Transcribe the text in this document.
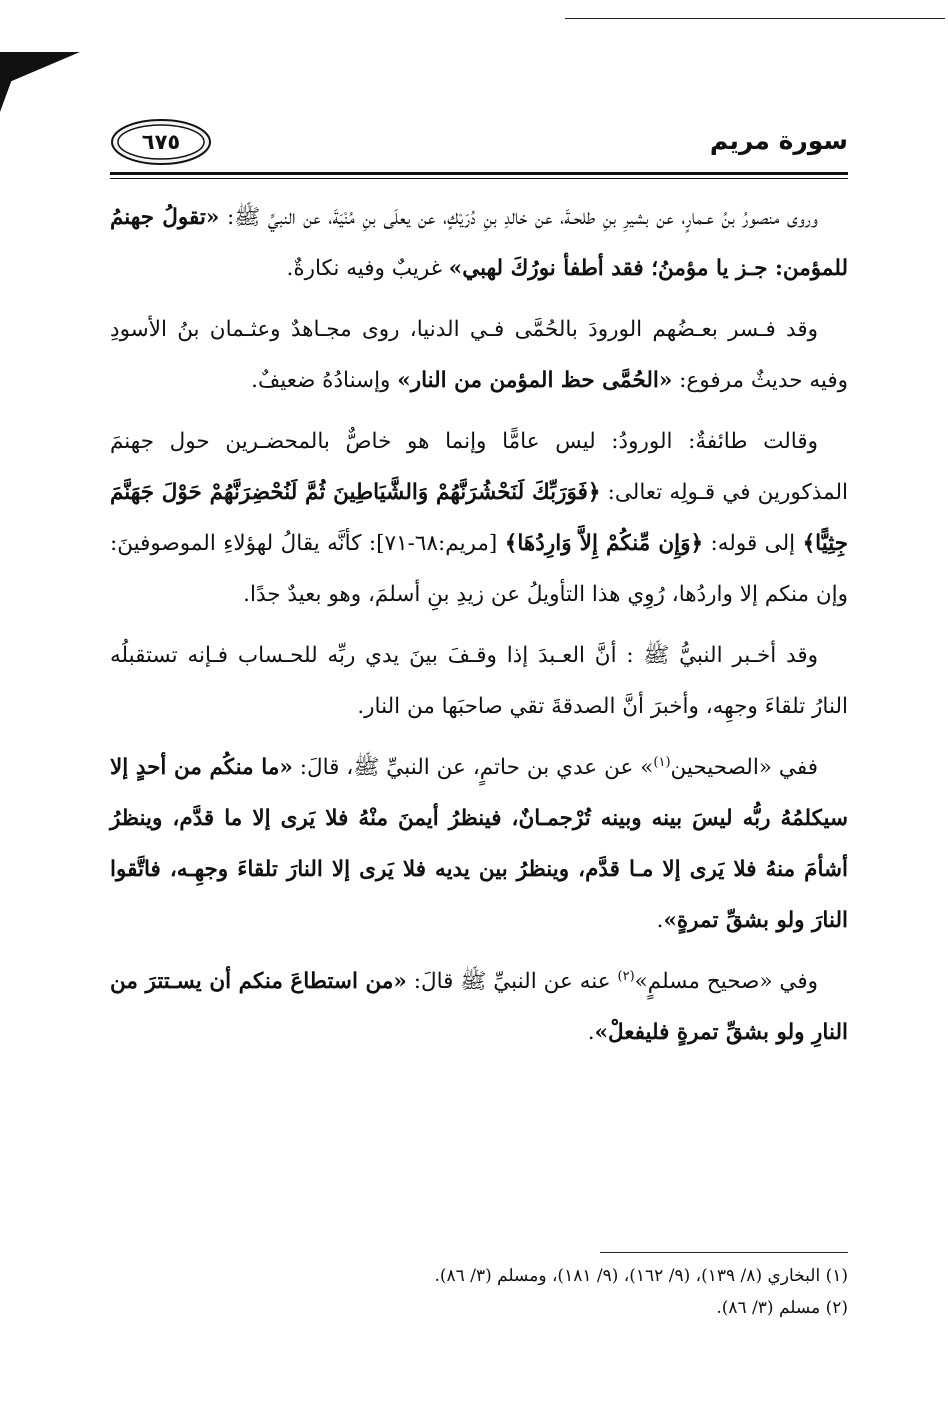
سورة مريم
٦٧٥

وروى منصورُ بنُ عـمارٍ، عن بشيرِ بنِ طلحـةَ، عن خالدِ بنِ دُرَيْكٍ، عن يعلَى بنِ مُنْيَةَ، عن النبيِّ ﷺ: «تقولُ جهنمُ للمؤمن: جـز يا مؤمنُ؛ فقد أطفأ نورُكَ لهبي» غريبٌ وفيه نكارةٌ.

وقد فـسر بعـضُهم الورودَ بالحُمَّى فـي الدنيا، روى مجـاهدٌ وعثـمان بنُ الأسودِ وفيه حديثٌ مرفوع: «الحُمَّى حظ المؤمن من النار» وإسنادُهُ ضعيفٌ.

وقالت طائفةٌ: الورودُ: ليس عامًّا وإنما هو خاصٌّ بالمحضـرين حول جهنمَ المذكورين في قـولِه تعالى: ﴿فَوَرَبِّكَ لَنَحْشُرَنَّهُمْ وَالشَّيَاطِينَ ثُمَّ لَنُحْضِرَنَّهُمْ حَوْلَ جَهَنَّمَ جِثِيًّا﴾ إلى قوله: ﴿وَإِن مِّنكُمْ إِلاَّ وَارِدُهَا﴾ [مريم:٦٨-٧١]: كأنَّه يقالُ لهؤلاءِ الموصوفينَ: وإن منكم إلا واردُها، رُوِي هذا التأويلُ عن زيدِ بنِ أسلمَ، وهو بعيدٌ جدًا.

وقد أخـبر النبيُّ ﷺ : أنَّ العـبدَ إذا وقـفَ بينَ يدي ربِّه للحـساب فـإنه تستقبلُه النارُ تلقاءَ وجهِه، وأخبرَ أنَّ الصدقةَ تقي صاحبَها من النار.

ففي «الصحيحين$^{(١)}$» عن عدي بن حاتمٍ، عن النبيِّ ﷺ، قالَ: «ما منكُم من أحدٍ إلا سيكلمُهُ ربُّه ليسَ بينه وبينه تُرْجمـانٌ، فينظرُ أيمنَ منْهُ فلا يَرى إلا ما قدَّم، وينظرُ أشأمَ منهُ فلا يَرى إلا مـا قدَّم، وينظرُ بين يديه فلا يَرى إلا النارَ تلقاءَ وجهِـه، فاتَّقوا النارَ ولو بشقِّ تمرةٍ».

وفي «صحيح مسلمٍ»$^{(٢)}$ عنه عن النبيِّ ﷺ قالَ: «من استطاعَ منكم أن يسـتترَ من النارِ ولو بشقِّ تمرةٍ فليفعلْ».

(١) البخاري (٨/ ١٣٩)، (٩/ ١٦٢)، (٩/ ١٨١)، ومسلم (٣/ ٨٦).

(٢) مسلم (٣/ ٨٦).
